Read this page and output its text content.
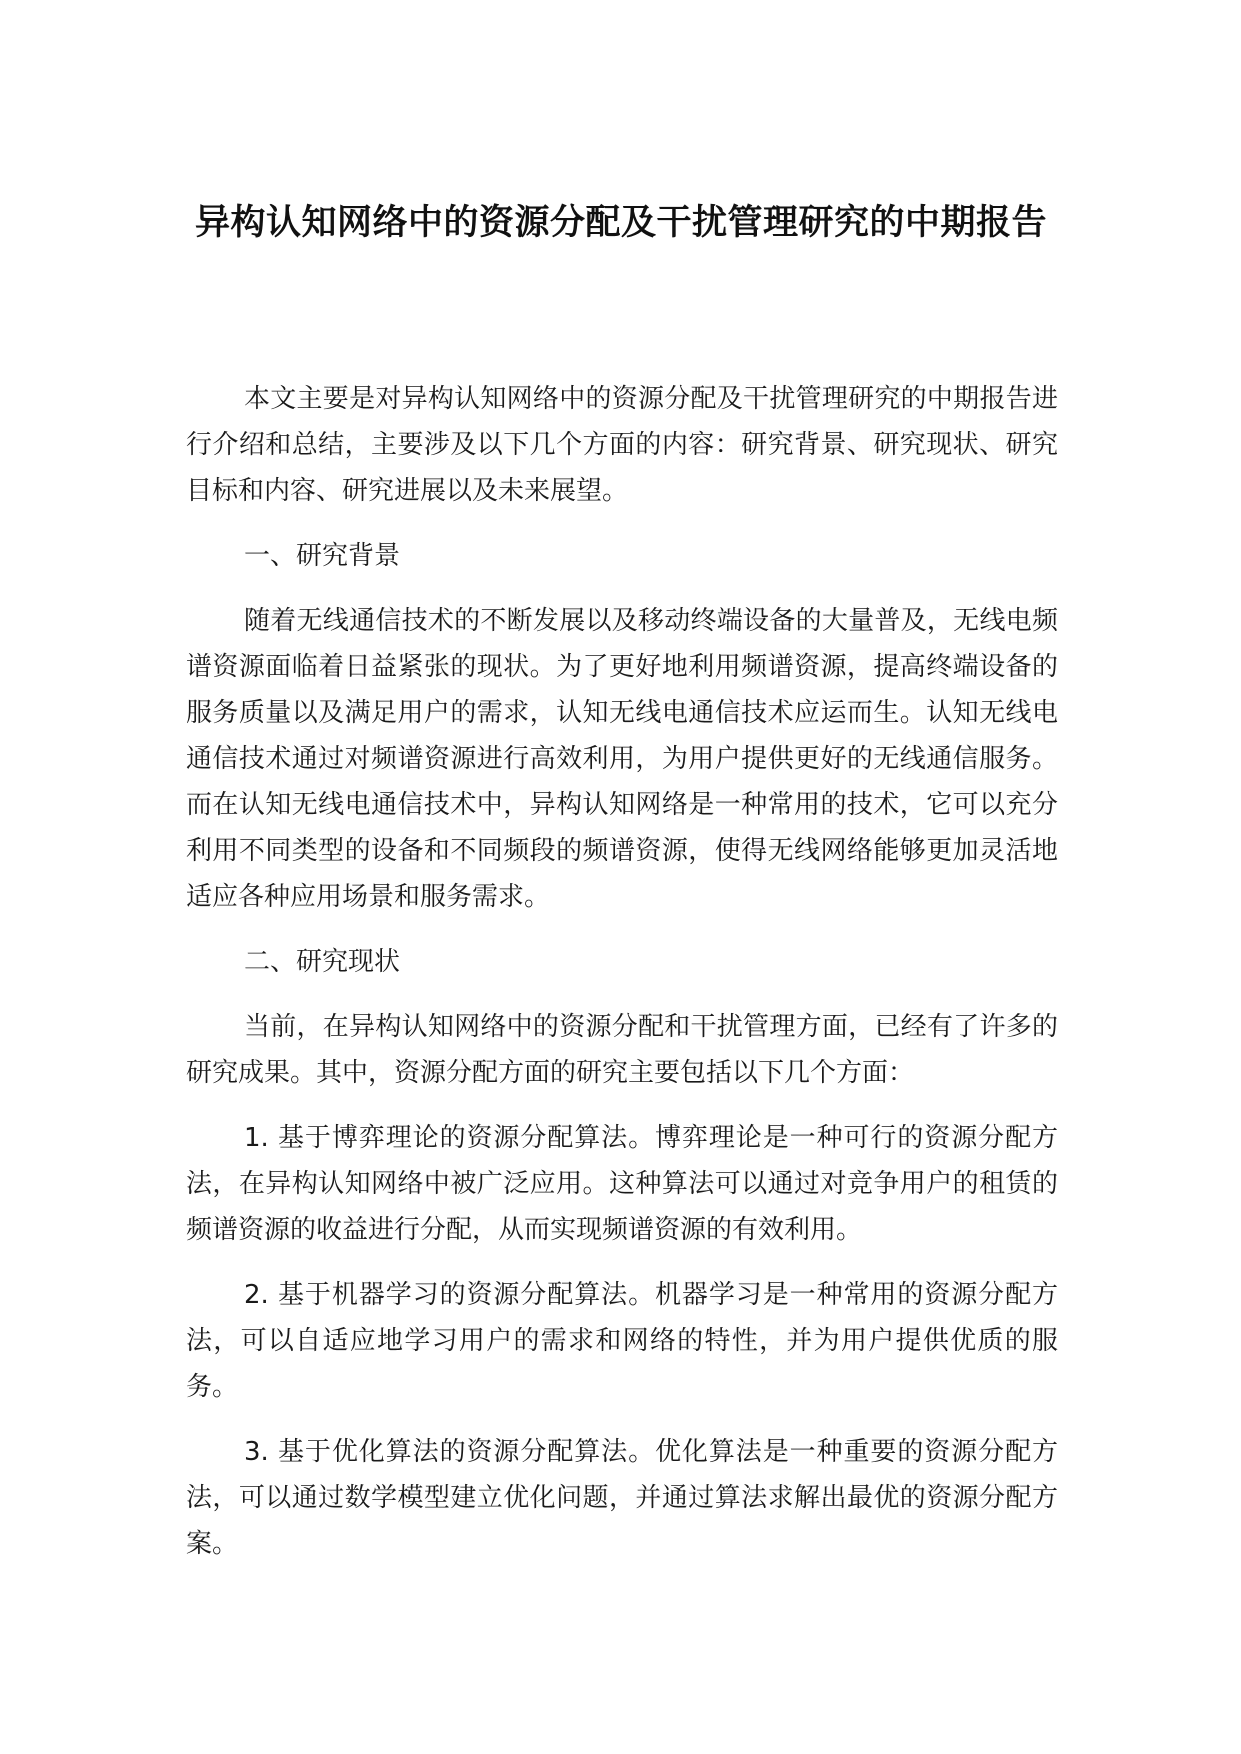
异构认知网络中的资源分配及干扰管理研究的中期报告

本文主要是对异构认知网络中的资源分配及干扰管理研究的中期报告进行介绍和总结，主要涉及以下几个方面的内容：研究背景、研究现状、研究目标和内容、研究进展以及未来展望。

一、研究背景

随着无线通信技术的不断发展以及移动终端设备的大量普及，无线电频谱资源面临着日益紧张的现状。为了更好地利用频谱资源，提高终端设备的服务质量以及满足用户的需求，认知无线电通信技术应运而生。认知无线电通信技术通过对频谱资源进行高效利用，为用户提供更好的无线通信服务。而在认知无线电通信技术中，异构认知网络是一种常用的技术，它可以充分利用不同类型的设备和不同频段的频谱资源，使得无线网络能够更加灵活地适应各种应用场景和服务需求。

二、研究现状

当前，在异构认知网络中的资源分配和干扰管理方面，已经有了许多的研究成果。其中，资源分配方面的研究主要包括以下几个方面：

1. 基于博弈理论的资源分配算法。博弈理论是一种可行的资源分配方法，在异构认知网络中被广泛应用。这种算法可以通过对竞争用户的租赁的频谱资源的收益进行分配，从而实现频谱资源的有效利用。

2. 基于机器学习的资源分配算法。机器学习是一种常用的资源分配方法，可以自适应地学习用户的需求和网络的特性，并为用户提供优质的服务。

3. 基于优化算法的资源分配算法。优化算法是一种重要的资源分配方法，可以通过数学模型建立优化问题，并通过算法求解出最优的资源分配方案。
